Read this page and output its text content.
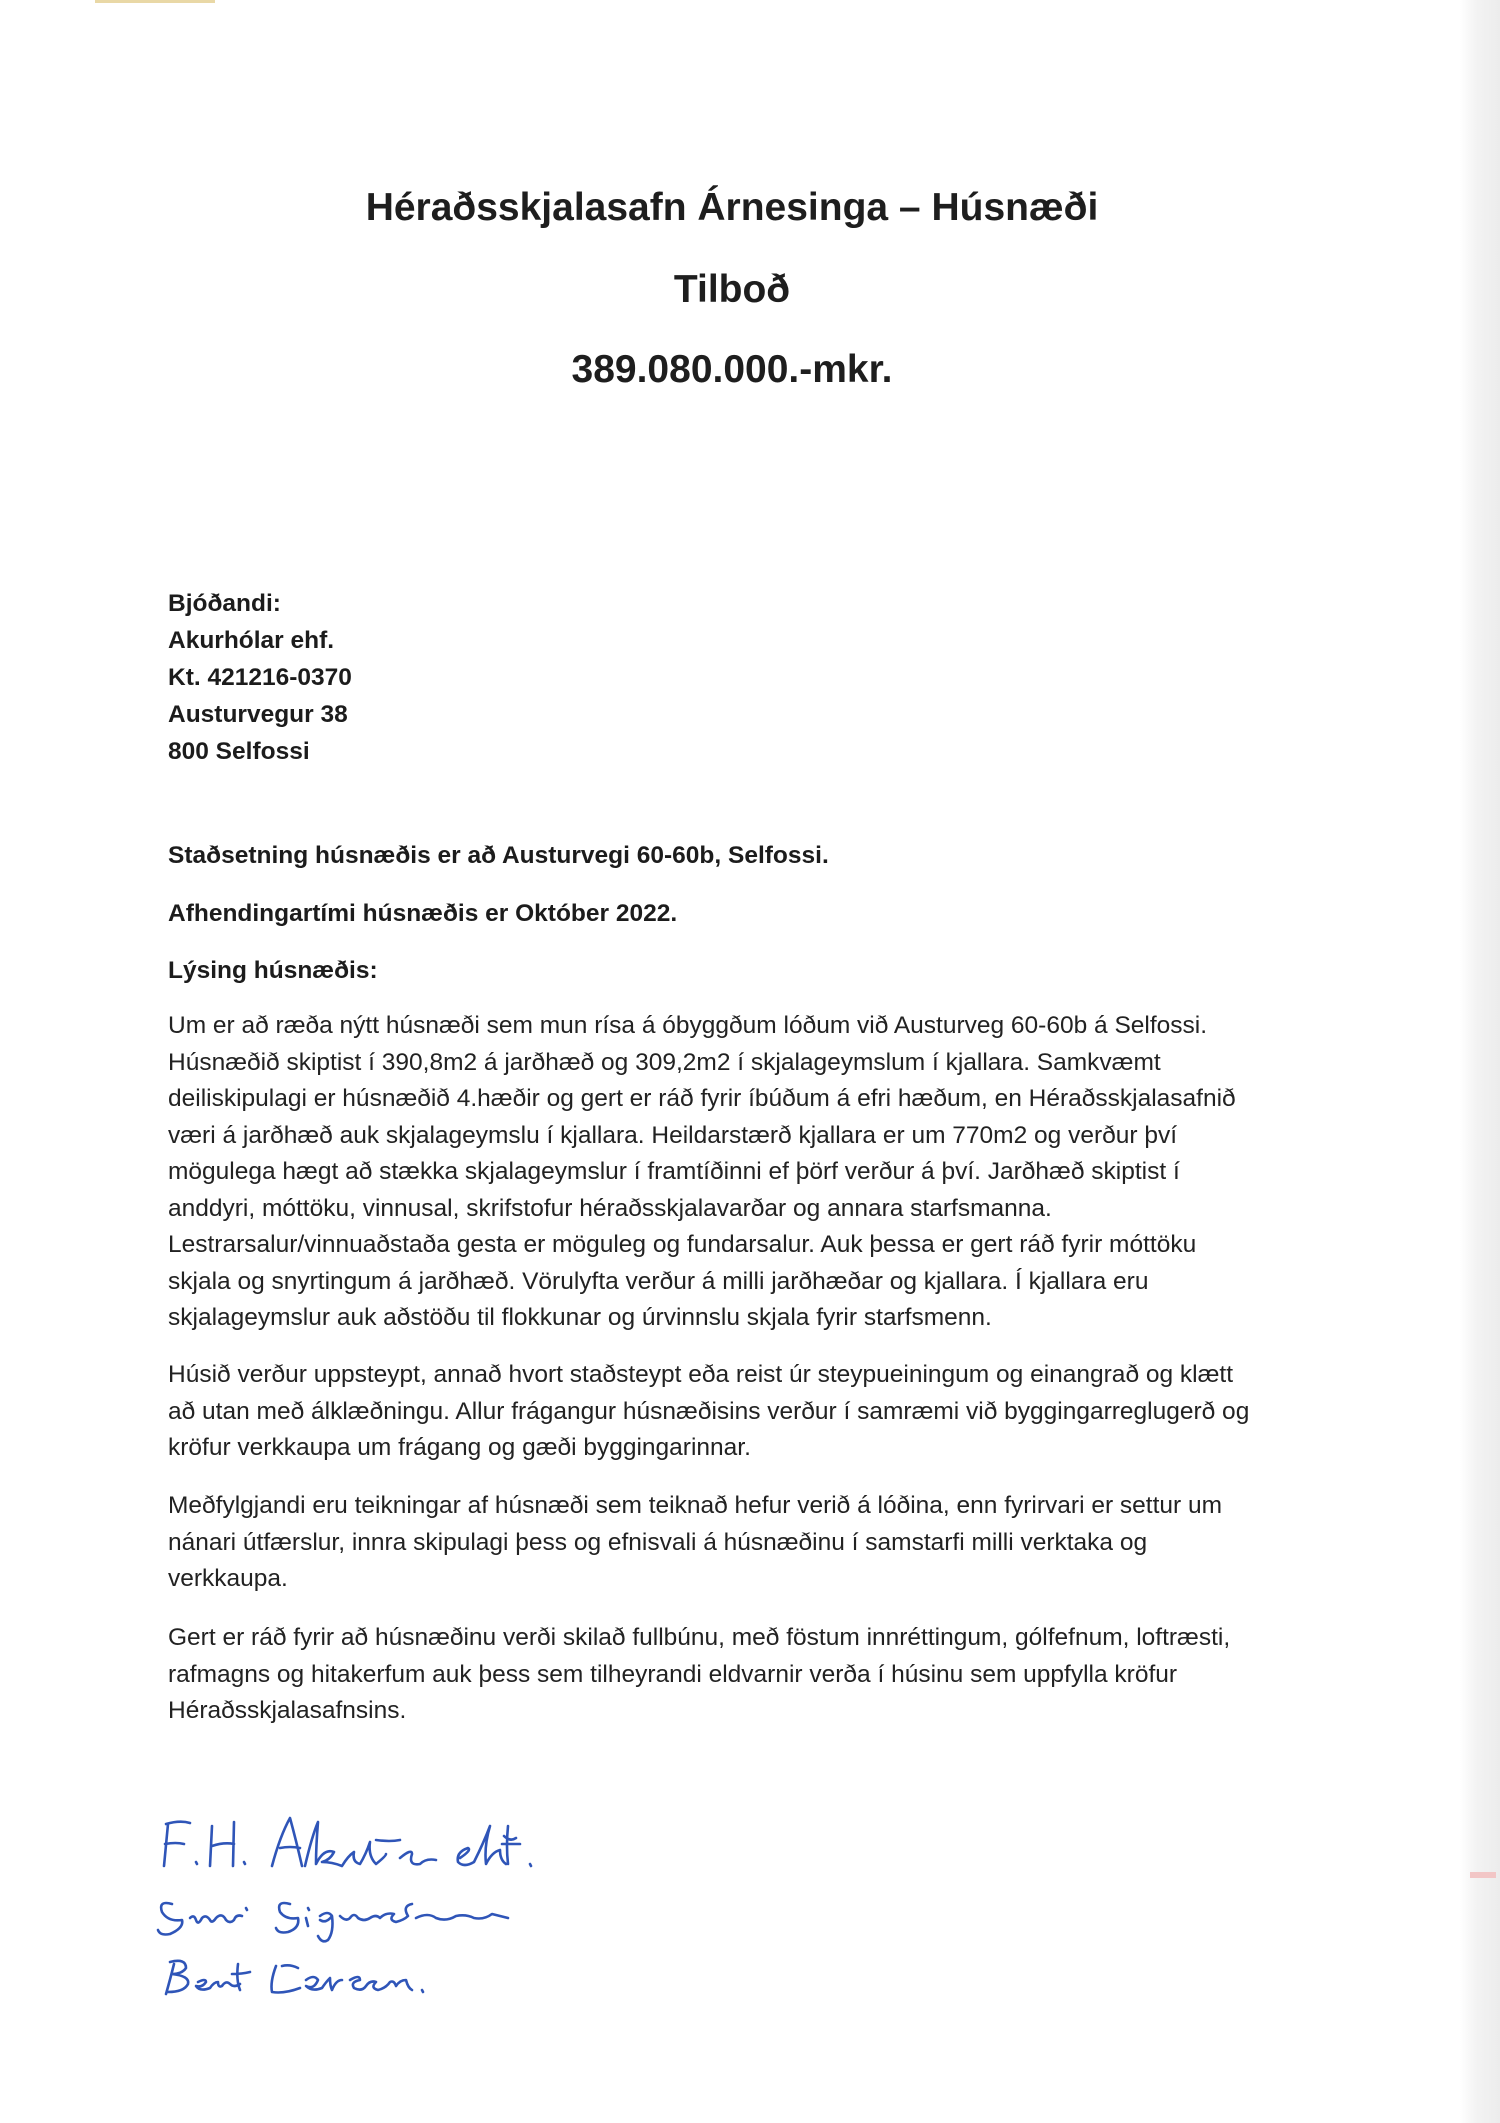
Héraðsskjalasafn Árnesinga – Húsnæði
Tilboð
389.080.000.-mkr.
Bjóðandi:
Akurhólar ehf.
Kt. 421216-0370
Austurvegur 38
800 Selfossi
Staðsetning húsnæðis er að Austurvegi 60-60b, Selfossi.
Afhendingartími húsnæðis er Október 2022.
Lýsing húsnæðis:
Um er að ræða nýtt húsnæði sem mun rísa á óbyggðum lóðum við Austurveg 60-60b á Selfossi.
Húsnæðið skiptist í 390,8m2 á jarðhæð og 309,2m2 í skjalageymslum í kjallara. Samkvæmt
deiliskipulagi er húsnæðið 4.hæðir og gert er ráð fyrir íbúðum á efri hæðum, en Héraðsskjalasafnið
væri á jarðhæð auk skjalageymslu í kjallara. Heildarstærð kjallara er um 770m2 og verður því
mögulega hægt að stækka skjalageymslur í framtíðinni ef þörf verður á því. Jarðhæð skiptist í
anddyri, móttöku, vinnusal, skrifstofur héraðsskjalavarðar og annara starfsmanna.
Lestrarsalur/vinnuaðstaða gesta er möguleg og fundarsalur. Auk þessa er gert ráð fyrir móttöku
skjala og snyrtingum á jarðhæð. Vörulyfta verður á milli jarðhæðar og kjallara. Í kjallara eru
skjalageymslur auk aðstöðu til flokkunar og úrvinnslu skjala fyrir starfsmenn.
Húsið verður uppsteypt, annað hvort staðsteypt eða reist úr steypueiningum og einangrað og klætt
að utan með álklæðningu. Allur frágangur húsnæðisins verður í samræmi við byggingarreglugerð og
kröfur verkkaupa um frágang og gæði byggingarinnar.
Meðfylgjandi eru teikningar af húsnæði sem teiknað hefur verið á lóðina, enn fyrirvari er settur um
nánari útfærslur, innra skipulagi þess og efnisvali á húsnæðinu í samstarfi milli verktaka og
verkkaupa.
Gert er ráð fyrir að húsnæðinu verði skilað fullbúnu, með föstum innréttingum, gólfefnum, loftræsti,
rafmagns og hitakerfum auk þess sem tilheyrandi eldvarnir verða í húsinu sem uppfylla kröfur
Héraðsskjalasafnsins.
